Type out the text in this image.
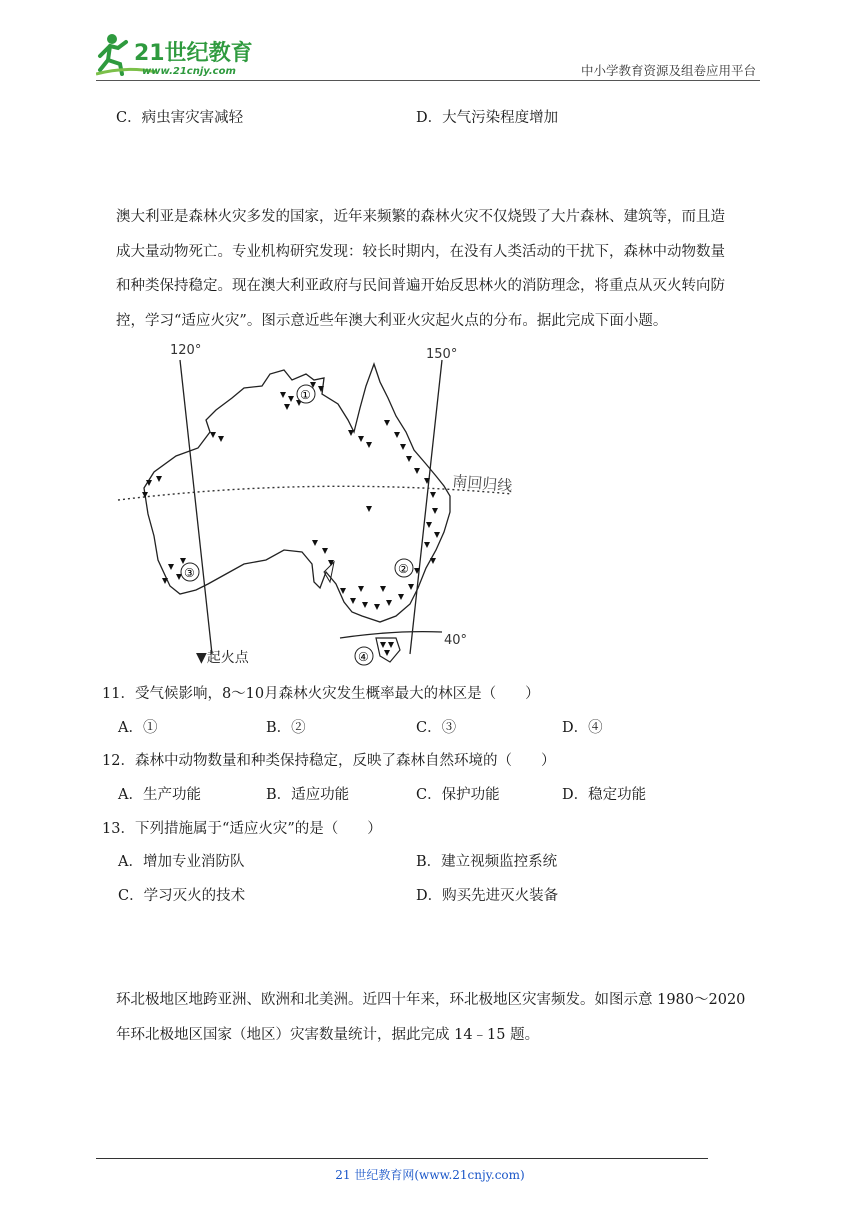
21世纪教育
www.21cnjy.com	中小学教育资源及组卷应用平台
C．病虫害灾害减轻	D．大气污染程度增加
澳大利亚是森林火灾多发的国家，近年来频繁的森林火灾不仅烧毁了大片森林、建筑等，而且造
成大量动物死亡。专业机构研究发现：较长时期内，在没有人类活动的干扰下，森林中动物数量
和种类保持稳定。现在澳大利亚政府与民间普遍开始反思林火的消防理念，将重点从灭火转向防
控，学习“适应火灾”。图示意近些年澳大利亚火灾起火点的分布。据此完成下面小题。
120°	150°
南回归线
40°
①
②
③
④
▼起火点
11．受气候影响，8～10月森林火灾发生概率最大的林区是（　　）
A．①	B．②	C．③	D．④
12．森林中动物数量和种类保持稳定，反映了森林自然环境的（　　）
A．生产功能	B．适应功能	C．保护功能	D．稳定功能
13．下列措施属于“适应火灾”的是（　　）
A．增加专业消防队	B．建立视频监控系统
C．学习灭火的技术	D．购买先进灭火装备
环北极地区地跨亚洲、欧洲和北美洲。近四十年来，环北极地区灾害频发。如图示意 1980～2020
年环北极地区国家（地区）灾害数量统计，据此完成 14﹣15 题。
21 世纪教育网(www.21cnjy.com)
